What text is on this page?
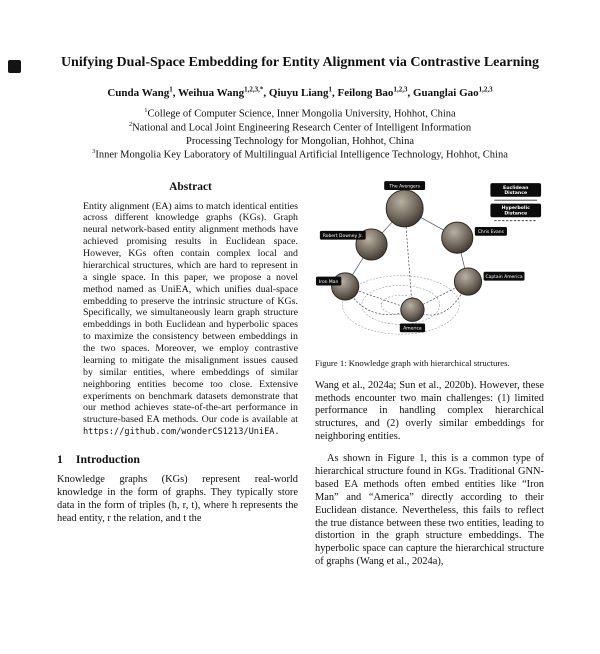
Unifying Dual-Space Embedding for Entity Alignment via Contrastive Learning
Cunda Wang$^1$, Weihua Wang$^{1,2,3,*}$, Qiuyu Liang$^1$, Feilong Bao$^{1,2,3}$, Guanglai Gao$^{1,2,3}$
$^1$College of Computer Science, Inner Mongolia University, Hohhot, China
$^2$National and Local Joint Engineering Research Center of Intelligent Information
Processing Technology for Mongolian, Hohhot, China
$^3$Inner Mongolia Key Laboratory of Multilingual Artificial Intelligence Technology, Hohhot, China
Abstract

Entity alignment (EA) aims to match identical entities across different knowledge graphs (KGs). Graph neural network-based entity alignment methods have achieved promising results in Euclidean space. However, KGs often contain complex local and hierarchical structures, which are hard to represent in a single space. In this paper, we propose a novel method named as UniEA, which unifies dual-space embedding to preserve the intrinsic structure of KGs. Specifically, we simultaneously learn graph structure embeddings in both Euclidean and hyperbolic spaces to maximize the consistency between embeddings in the two spaces. Moreover, we employ contrastive learning to mitigate the misalignment issues caused by similar entities, where embeddings of similar neighboring entities become too close. Extensive experiments on benchmark datasets demonstrate that our method achieves state-of-the-art performance in structure-based EA methods. Our code is available at https://github.com/wonderCS1213/UniEA.

1 Introduction

Knowledge graphs (KGs) represent real-world knowledge in the form of graphs. They typically store data in the form of triples (h, r, t), where h represents the head entity, r the relation, and t the

The Avengers
Robert Downey Jr.
Chris Evans
Iron Man
Captain America
America
Euclidean
Distance
Hyperbolic
Distance
Figure 1: Knowledge graph with hierarchical structures.

Wang et al., 2024a; Sun et al., 2020b). However, these methods encounter two main challenges: (1) limited performance in handling complex hierarchical structures, and (2) overly similar embeddings for neighboring entities.

As shown in Figure 1, this is a common type of hierarchical structure found in KGs. Traditional GNN-based EA methods often embed entities like “Iron Man” and “America” directly according to their Euclidean distance. Nevertheless, this fails to reflect the true distance between these two entities, leading to distortion in the graph structure embeddings. The hyperbolic space can capture the hierarchical structure of graphs (Wang et al., 2024a),
